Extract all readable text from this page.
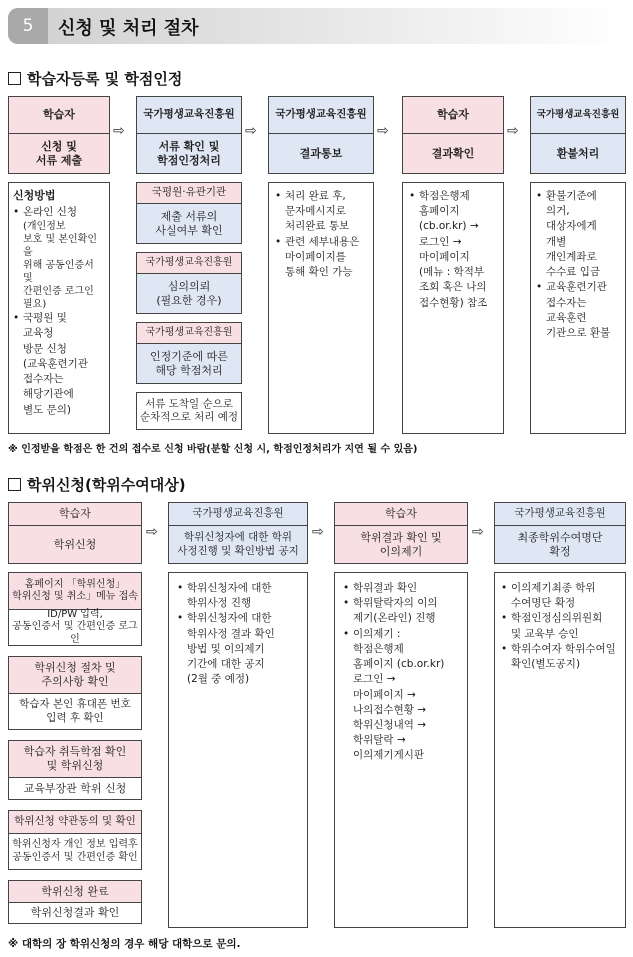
5	신청 및 처리 절차
학습자등록 및 학점인정
학습자
신청 및
서류 제출
⇨
국가평생교육진흥원
서류 확인 및
학점인정처리
⇨
국가평생교육진흥원
결과통보
⇨
학습자
결과확인
⇨
국가평생교육진흥원
환불처리
신청방법
• 온라인 신청
(개인정보
보호 및 본인확인을
위해 공동인증서 및
간편인증 로그인
필요)
• 국평원 및
교육청
방문 신청
(교육훈련기관
접수자는
해당기관에
별도 문의)
국평원·유관기관
제출 서류의
사실여부 확인
국가평생교육진흥원
심의의뢰
(필요한 경우)
국가평생교육진흥원
인정기준에 따른
해당 학점처리
서류 도착일 순으로
순차적으로 처리 예정
• 처리 완료 후,
문자메시지로
처리완료 통보
• 관련 세부내용은
마이페이지를
통해 확인 가능
• 학점은행제
홈페이지
(cb.or.kr) →
로그인 →
마이페이지
(메뉴 : 학적부
조회 혹은 나의
접수현황) 참조
• 환불기준에
의거,
대상자에게
개별
개인계좌로
수수료 입금
• 교육훈련기관
접수자는
교육훈련
기관으로 환불
※ 인정받을 학점은 한 건의 접수로 신청 바람(분할 신청 시, 학점인정처리가 지연 될 수 있음)
학위신청(학위수여대상)
학습자
학위신청
⇨
국가평생교육진흥원
학위신청자에 대한 학위
사정진행 및 확인방법 공지
⇨
학습자
학위결과 확인 및
이의제기
⇨
국가평생교육진흥원
최종학위수여명단
확정
홈페이지 「학위신청」
학위신청 및 취소」메뉴 접속
ID/PW 입력,
공동인증서 및 간편인증 로그인
학위신청 절차 및
주의사항 확인
학습자 본인 휴대폰 번호
입력 후 확인
학습자 취득학점 확인
및 학위신청
교육부장관 학위 신청
학위신청 약관동의 및 확인
학위신청자 개인 정보 입력후
공동인증서 및 간편인증 확인
학위신청 완료
학위신청결과 확인
• 학위신청자에 대한
학위사정 진행
• 학위신청자에 대한
학위사정 결과 확인
방법 및 이의제기
기간에 대한 공지
(2월 중 예정)
• 학위결과 확인
• 학위탈락자의 이의
제기(온라인) 진행
• 이의제기 :
학점은행제
홈페이지 (cb.or.kr)
로그인 →
마이페이지 →
나의접수현황 →
학위신청내역 →
학위탈락 →
이의제기게시판
• 이의제기최종 학위
수여명단 확정
• 학점인정심의위원회
및 교육부 승인
• 학위수여자 학위수여일
확인(별도공지)
※ 대학의 장 학위신청의 경우 해당 대학으로 문의.
